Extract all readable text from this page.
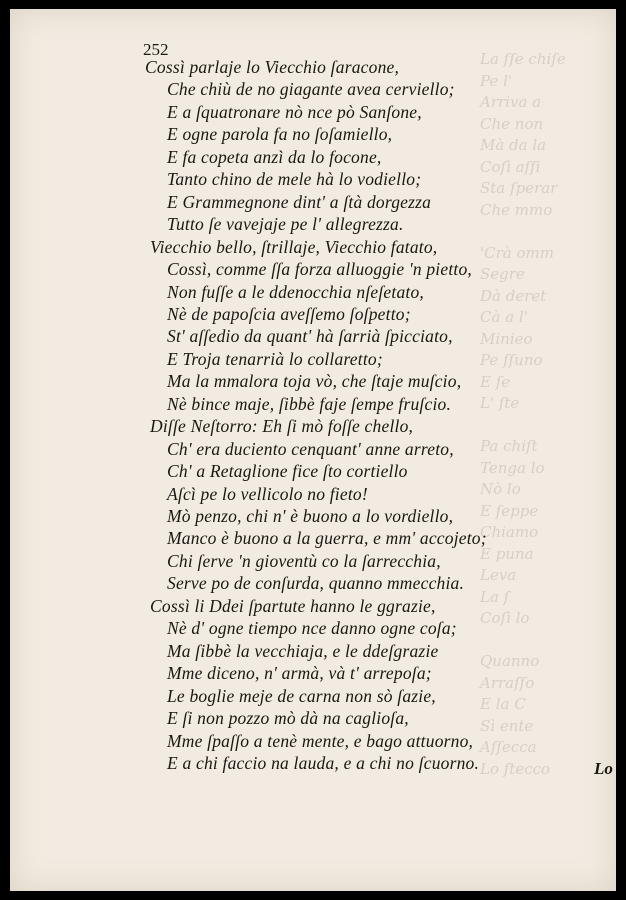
La ſſe chiſe
Pe l'
Arriva a
Che non
Mà da la
Coſì aſſi
Sta ſperar
Che mmo

'Crà omm
Segre
Dà deret
Cà a l'
Minieo
Pe ſſuno
E ſe
L' ſte

Pa chiſt
Tenga lo
Nò lo
E ſeppe
Chiamo
E puna
Leva
La ſ
Coſì lo

Quanno
Arraſſo
E la C
Sì ente
Aſſecca
Lo ſtecco
252
Cossì parlaje lo Viecchio ſaracone,
Che chiù de no giagante avea cerviello;
E a ſquatronare nò nce pò Sanſone,
E ogne parola fa no ſoſamiello,
E fa copeta anzì da lo focone,
Tanto chino de mele hà lo vodiello;
E Grammegnone dint' a ſtà dorgezza
Tutto ſe vavejaje pe l' allegrezza.
Viecchio bello, ſtrillaje, Viecchio fatato,
Cossì, comme ſſa forza alluoggie 'n pietto,
Non fuſſe a le ddenocchia nſeſetato,
Nè de papoſcia aveſſemo ſoſpetto;
St' aſſedio da quant' hà ſarrià ſpicciato,
E Troja tenarrià lo collaretto;
Ma la mmalora toja vò, che ſtaje muſcio,
Nè bince maje, ſibbè faje ſempe fruſcio.
Diſſe Neſtorro: Eh ſi mò foſſe chello,
Ch' era duciento cenquant' anne arreto,
Ch' a Retaglione fice ſto cortiello
Aſcì pe lo vellicolo no fieto!
Mò penzo, chi n' è buono a lo vordiello,
Manco è buono a la guerra, e mm' accojeto;
Chi ſerve 'n gioventù co la ſarrecchia,
Serve po de conſurda, quanno mmecchia.
Cossì li Ddei ſpartute hanno le ggrazie,
Nè d' ogne tiempo nce danno ogne coſa;
Ma ſibbè la vecchiaja, e le ddeſgrazie
Mme diceno, n' armà, và t' arrepoſa;
Le boglie meje de carna non sò ſazie,
E ſi non pozzo mò dà na caglioſa,
Mme ſpaſſo a tenè mente, e bago attuorno,
E a chi faccio na lauda, e a chi no ſcuorno.	Lo
